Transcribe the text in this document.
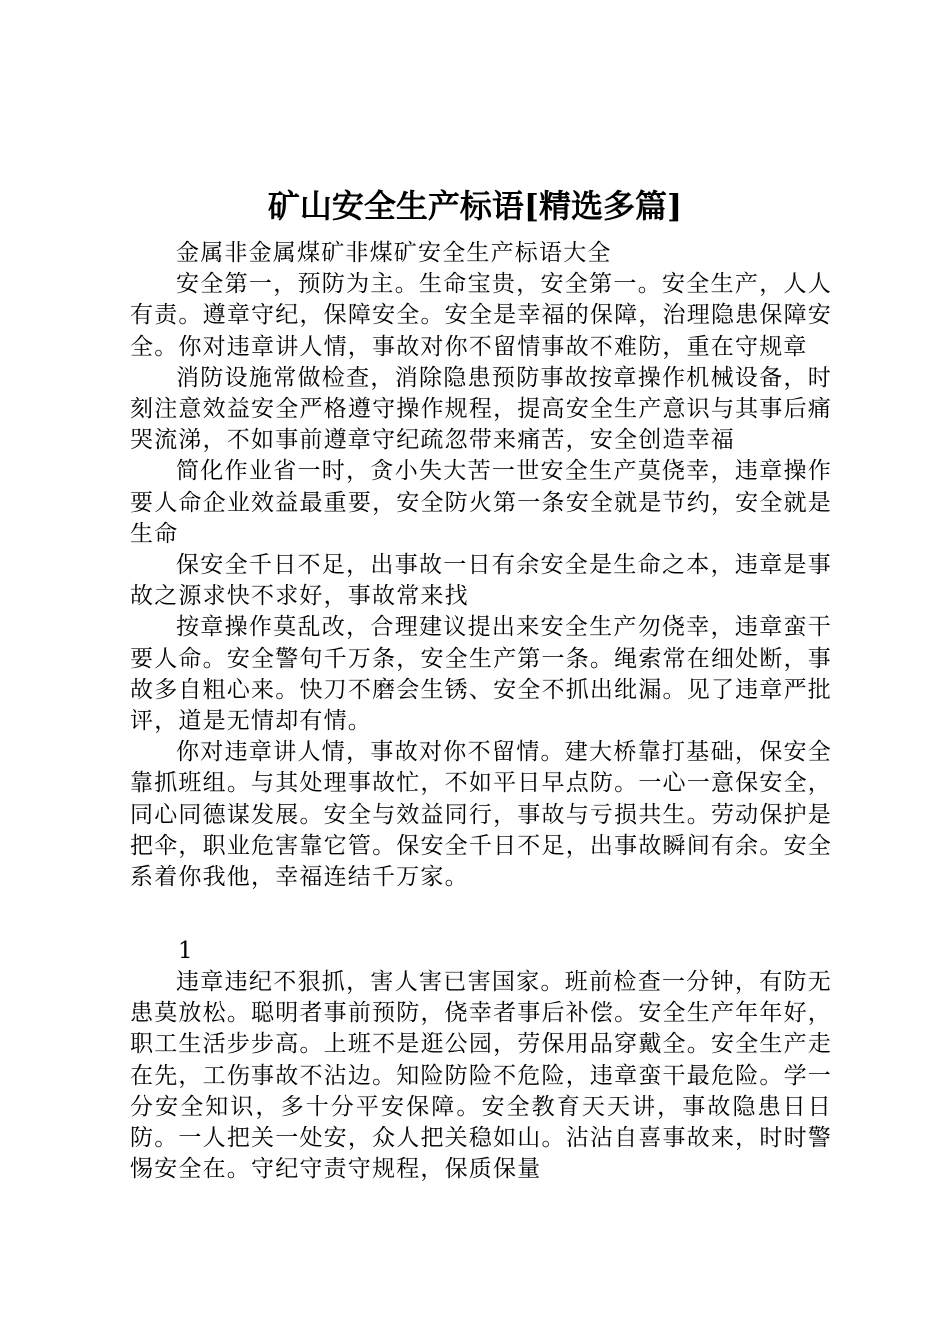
矿山安全生产标语[精选多篇]

金属非金属煤矿非煤矿安全生产标语大全

安全第一，预防为主。生命宝贵，安全第一。安全生产，人人有责。遵章守纪，保障安全。安全是幸福的保障，治理隐患保障安全。你对违章讲人情，事故对你不留情事故不难防，重在守规章

消防设施常做检查，消除隐患预防事故按章操作机械设备，时刻注意效益安全严格遵守操作规程，提高安全生产意识与其事后痛哭流涕，不如事前遵章守纪疏忽带来痛苦，安全创造幸福

简化作业省一时，贪小失大苦一世安全生产莫侥幸，违章操作要人命企业效益最重要，安全防火第一条安全就是节约，安全就是生命

保安全千日不足，出事故一日有余安全是生命之本，违章是事故之源求快不求好，事故常来找

按章操作莫乱改，合理建议提出来安全生产勿侥幸，违章蛮干要人命。安全警句千万条，安全生产第一条。绳索常在细处断，事故多自粗心来。快刀不磨会生锈、安全不抓出纰漏。见了违章严批评，道是无情却有情。

你对违章讲人情，事故对你不留情。建大桥靠打基础，保安全靠抓班组。与其处理事故忙，不如平日早点防。一心一意保安全，同心同德谋发展。安全与效益同行，事故与亏损共生。劳动保护是把伞，职业危害靠它管。保安全千日不足，出事故瞬间有余。安全系着你我他，幸福连结千万家。

1

违章违纪不狠抓，害人害已害国家。班前检查一分钟，有防无患莫放松。聪明者事前预防，侥幸者事后补偿。安全生产年年好，职工生活步步高。上班不是逛公园，劳保用品穿戴全。安全生产走在先，工伤事故不沾边。知险防险不危险，违章蛮干最危险。学一分安全知识，多十分平安保障。安全教育天天讲，事故隐患日日防。一人把关一处安，众人把关稳如山。沾沾自喜事故来，时时警惕安全在。守纪守责守规程，保质保量
